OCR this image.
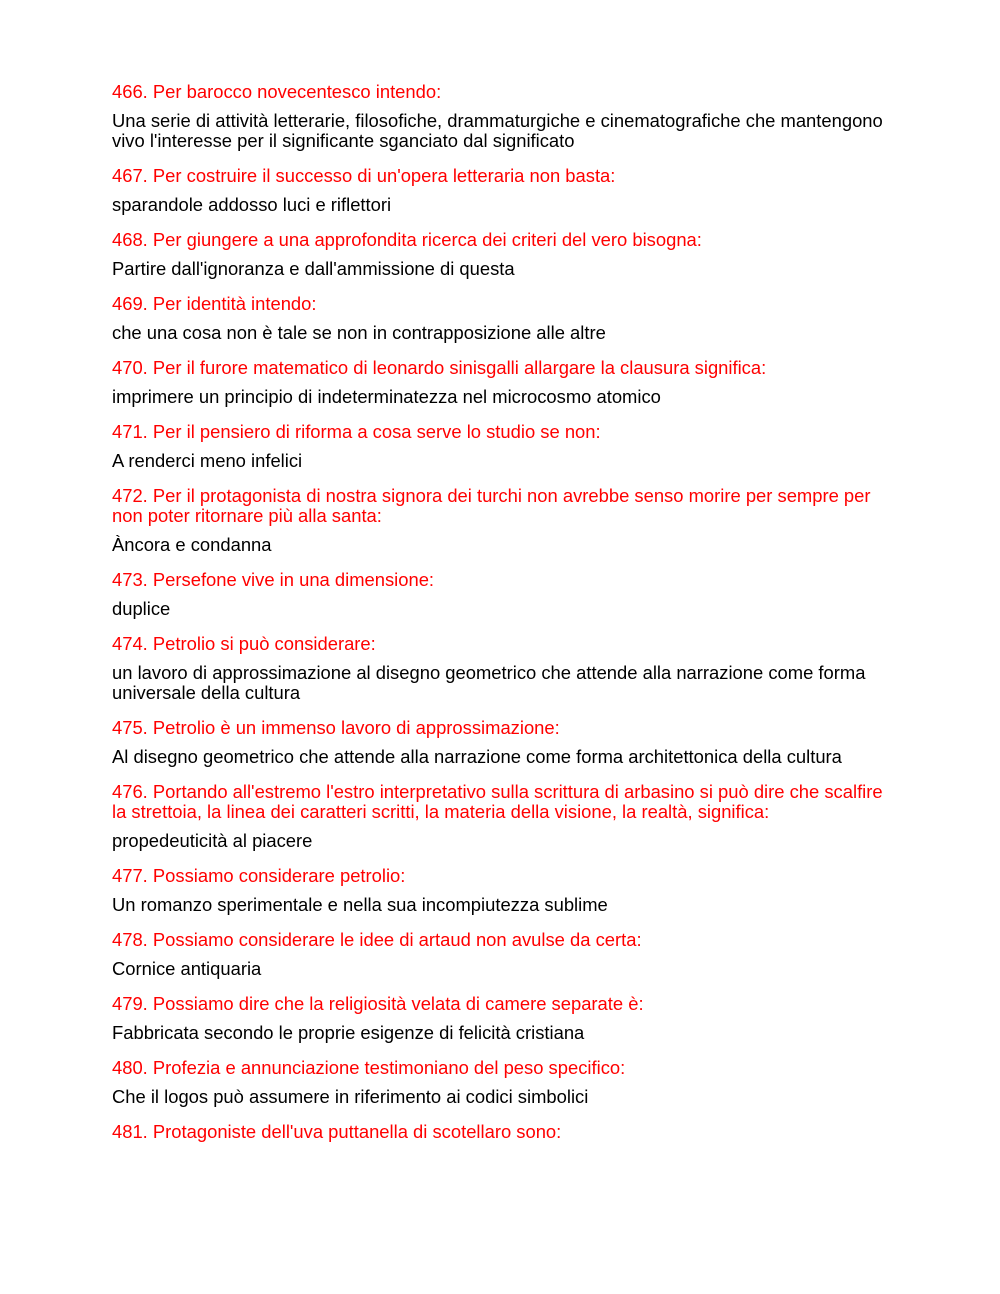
466. Per barocco novecentesco intendo:

Una serie di attività letterarie, filosofiche, drammaturgiche e cinematografiche che mantengono vivo l'interesse per il significante sganciato dal significato

467. Per costruire il successo di un'opera letteraria non basta:

sparandole addosso luci e riflettori

468. Per giungere a una approfondita ricerca dei criteri del vero bisogna:

Partire dall'ignoranza e dall'ammissione di questa

469. Per identità intendo:

che una cosa non è tale se non in contrapposizione alle altre

470. Per il furore matematico di leonardo sinisgalli allargare la clausura significa:

imprimere un principio di indeterminatezza nel microcosmo atomico

471. Per il pensiero di riforma a cosa serve lo studio se non:

A renderci meno infelici

472. Per il protagonista di nostra signora dei turchi non avrebbe senso morire per sempre per non poter ritornare più alla santa:

Àncora e condanna

473. Persefone vive in una dimensione:

duplice

474. Petrolio si può considerare:

un lavoro di approssimazione al disegno geometrico che attende alla narrazione come forma universale della cultura

475. Petrolio è un immenso lavoro di approssimazione:

Al disegno geometrico che attende alla narrazione come forma architettonica della cultura

476. Portando all'estremo l'estro interpretativo sulla scrittura di arbasino si può dire che scalfire la strettoia, la linea dei caratteri scritti, la materia della visione, la realtà, significa:

propedeuticità al piacere

477. Possiamo considerare petrolio:

Un romanzo sperimentale e nella sua incompiutezza sublime

478. Possiamo considerare le idee di artaud non avulse da certa:

Cornice antiquaria

479. Possiamo dire che la religiosità velata di camere separate è:

Fabbricata secondo le proprie esigenze di felicità cristiana

480. Profezia e annunciazione testimoniano del peso specifico:

Che il logos può assumere in riferimento ai codici simbolici

481. Protagoniste dell'uva puttanella di scotellaro sono:
